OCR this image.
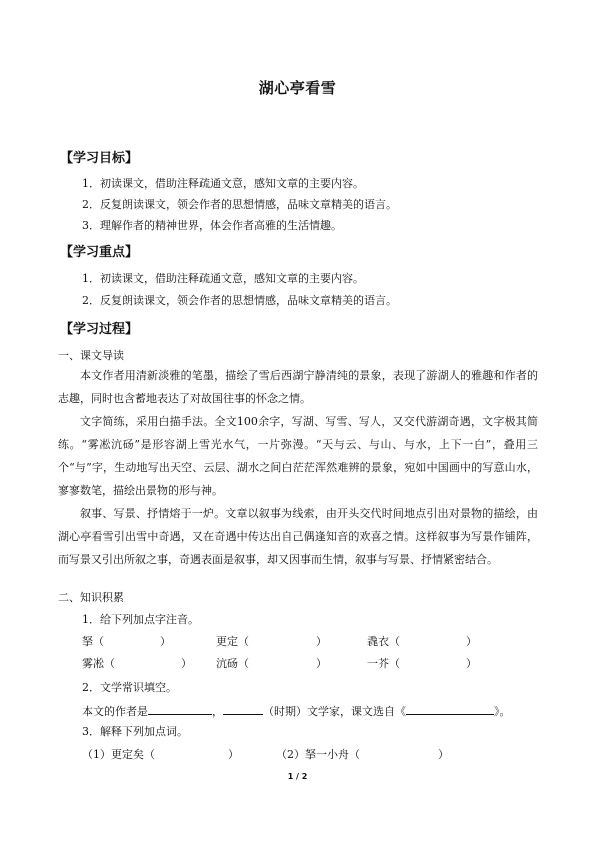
湖心亭看雪
【学习目标】
1．初读课文，借助注释疏通文意，感知文章的主要内容。
2．反复朗读课文，领会作者的思想情感，品味文章精美的语言。
3．理解作者的精神世界，体会作者高雅的生活情趣。
【学习重点】
1．初读课文，借助注释疏通文意，感知文章的主要内容。
2．反复朗读课文，领会作者的思想情感，品味文章精美的语言。
【学习过程】
一、课文导读

本文作者用清新淡雅的笔墨，描绘了雪后西湖宁静清纯的景象，表现了游湖人的雅趣和作者的志趣，同时也含蓄地表达了对故国往事的怀念之情。

文字简练，采用白描手法。全文100余字，写湖、写雪、写人，又交代游湖奇遇，文字极其简练。“雾凇沆砀”是形容湖上雪光水气，一片弥漫。“天与云、与山、与水，上下一白”，叠用三个“与”字，生动地写出天空、云层、湖水之间白茫茫浑然难辨的景象，宛如中国画中的写意山水，寥寥数笔，描绘出景物的形与神。

叙事、写景、抒情熔于一炉。文章以叙事为线索，由开头交代时间地点引出对景物的描绘，由湖心亭看雪引出雪中奇遇，又在奇遇中传达出自己偶逢知音的欢喜之情。这样叙事为写景作铺阵，而写景又引出所叙之事，奇遇表面是叙事，却又因事而生情，叙事与写景、抒情紧密结合。

二、知识积累
1．给下列加点字注音。
拏（	）	更定（	）	毳衣（	）
雾凇（	） 沆砀（	）	一芥（	）
2．文学常识填空。
本文的作者是	，	（时期）文学家，课文选自《	》。
3．解释下列加点词。
（1）更定矣（	）	（2）拏一小舟（	）
1 / 2
